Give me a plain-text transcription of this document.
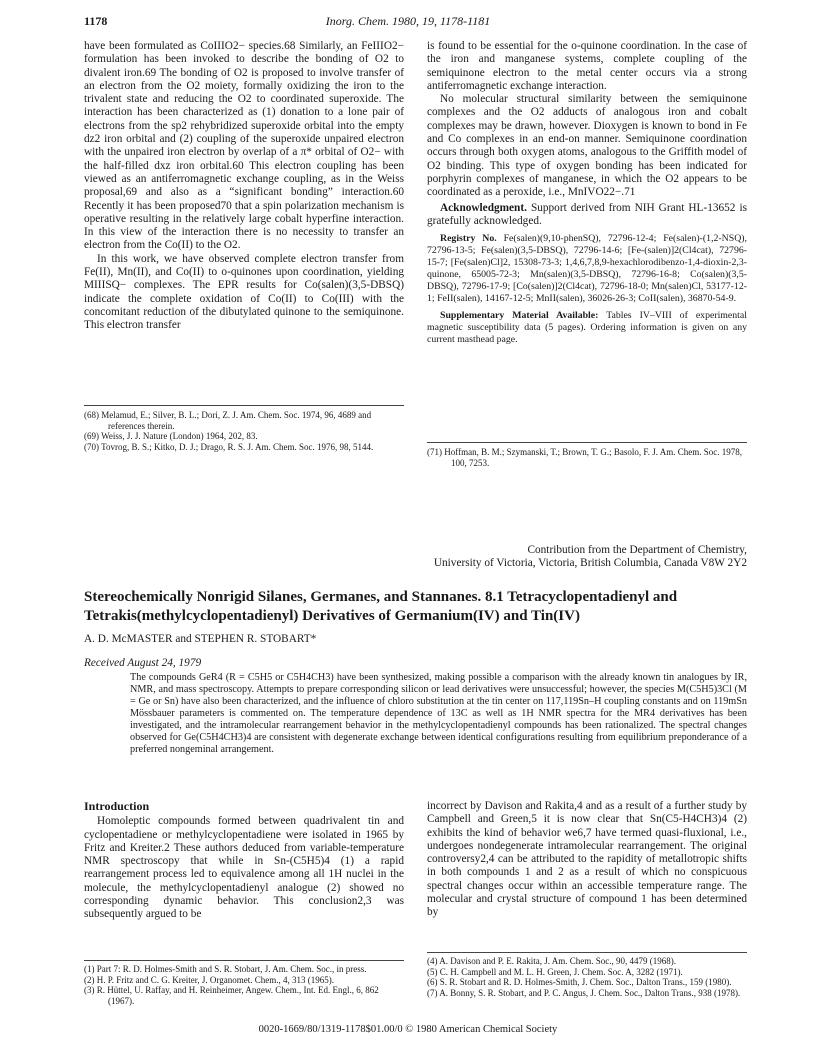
1178	Inorg. Chem. 1980, 19, 1178-1181

have been formulated as CoIIIO2− species.68 Similarly, an FeIIIO2− formulation has been invoked to describe the bonding of O2 to divalent iron.69 The bonding of O2 is proposed to involve transfer of an electron from the O2 moiety, formally oxidizing the iron to the trivalent state and reducing the O2 to coordinated superoxide. The interaction has been characterized as (1) donation to a lone pair of electrons from the sp2 rehybridized superoxide orbital into the empty dz2 iron orbital and (2) coupling of the superoxide unpaired electron with the unpaired iron electron by overlap of a π* orbital of O2− with the half-filled dxz iron orbital.60 This electron coupling has been viewed as an antiferromagnetic exchange coupling, as in the Weiss proposal,69 and also as a “significant bonding” interaction.60 Recently it has been proposed70 that a spin polarization mechanism is operative resulting in the relatively large cobalt hyperfine interaction. In this view of the interaction there is no necessity to transfer an electron from the Co(II) to the O2.

In this work, we have observed complete electron transfer from Fe(II), Mn(II), and Co(II) to o-quinones upon coordination, yielding MIIISQ− complexes. The EPR results for Co(salen)(3,5-DBSQ) indicate the complete oxidation of Co(II) to Co(III) with the concomitant reduction of the dibutylated quinone to the semiquinone. This electron transfer

(68) Melamud, E.; Silver, B. L.; Dori, Z. J. Am. Chem. Soc. 1974, 96, 4689 and references therein.
(69) Weiss, J. J. Nature (London) 1964, 202, 83.
(70) Tovrog, B. S.; Kitko, D. J.; Drago, R. S. J. Am. Chem. Soc. 1976, 98, 5144.

is found to be essential for the o-quinone coordination. In the case of the iron and manganese systems, complete coupling of the semiquinone electron to the metal center occurs via a strong antiferromagnetic exchange interaction.

No molecular structural similarity between the semiquinone complexes and the O2 adducts of analogous iron and cobalt complexes may be drawn, however. Dioxygen is known to bond in Fe and Co complexes in an end-on manner. Semiquinone coordination occurs through both oxygen atoms, analogous to the Griffith model of O2 binding. This type of oxygen bonding has been indicated for porphyrin complexes of manganese, in which the O2 appears to be coordinated as a peroxide, i.e., MnIVO22−.71

Acknowledgment. Support derived from NIH Grant HL-13652 is gratefully acknowledged.

Registry No. Fe(salen)(9,10-phenSQ), 72796-12-4; Fe(salen)-(1,2-NSQ), 72796-13-5; Fe(salen)(3,5-DBSQ), 72796-14-6; [Fe-(salen)]2(Cl4cat), 72796-15-7; [Fe(salen)Cl]2, 15308-73-3; 1,4,6,7,8,9-hexachlorodibenzo-1,4-dioxin-2,3-quinone, 65005-72-3; Mn(salen)(3,5-DBSQ), 72796-16-8; Co(salen)(3,5-DBSQ), 72796-17-9; [Co(salen)]2(Cl4cat), 72796-18-0; Mn(salen)Cl, 53177-12-1; FeII(salen), 14167-12-5; MnII(salen), 36026-26-3; CoII(salen), 36870-54-9.

Supplementary Material Available: Tables IV–VIII of experimental magnetic susceptibility data (5 pages). Ordering information is given on any current masthead page.

(71) Hoffman, B. M.; Szymanski, T.; Brown, T. G.; Basolo, F. J. Am. Chem. Soc. 1978, 100, 7253.
Contribution from the Department of Chemistry,
University of Victoria, Victoria, British Columbia, Canada V8W 2Y2
Stereochemically Nonrigid Silanes, Germanes, and Stannanes. 8.1 Tetracyclopentadienyl and Tetrakis(methylcyclopentadienyl) Derivatives of Germanium(IV) and Tin(IV)
A. D. McMASTER and STEPHEN R. STOBART*
Received August 24, 1979
The compounds GeR4 (R = C5H5 or C5H4CH3) have been synthesized, making possible a comparison with the already known tin analogues by IR, NMR, and mass spectroscopy. Attempts to prepare corresponding silicon or lead derivatives were unsuccessful; however, the species M(C5H5)3Cl (M = Ge or Sn) have also been characterized, and the influence of chloro substitution at the tin center on 117,119Sn–H coupling constants and on 119mSn Mössbauer parameters is commented on. The temperature dependence of 13C as well as 1H NMR spectra for the MR4 derivatives has been investigated, and the intramolecular rearrangement behavior in the methylcyclopentadienyl compounds has been rationalized. The spectral changes observed for Ge(C5H4CH3)4 are consistent with degenerate exchange between identical configurations resulting from equilibrium preponderance of a preferred nongeminal arrangement.
Introduction

Homoleptic compounds formed between quadrivalent tin and cyclopentadiene or methylcyclopentadiene were isolated in 1965 by Fritz and Kreiter.2 These authors deduced from variable-temperature NMR spectroscopy that while in Sn-(C5H5)4 (1) a rapid rearrangement process led to equivalence among all 1H nuclei in the molecule, the methylcyclopentadienyl analogue (2) showed no corresponding dynamic behavior. This conclusion2,3 was subsequently argued to be

incorrect by Davison and Rakita,4 and as a result of a further study by Campbell and Green,5 it is now clear that Sn(C5-H4CH3)4 (2) exhibits the kind of behavior we6,7 have termed quasi-fluxional, i.e., undergoes nondegenerate intramolecular rearrangement. The original controversy2,4 can be attributed to the rapidity of metallotropic shifts in both compounds 1 and 2 as a result of which no conspicuous spectral changes occur within an accessible temperature range. The molecular and crystal structure of compound 1 has been determined by

(1) Part 7: R. D. Holmes-Smith and S. R. Stobart, J. Am. Chem. Soc., in press.
(2) H. P. Fritz and C. G. Kreiter, J. Organomet. Chem., 4, 313 (1965).
(3) R. Hüttel, U. Raffay, and H. Reinheimer, Angew. Chem., Int. Ed. Engl., 6, 862 (1967).
(4) A. Davison and P. E. Rakita, J. Am. Chem. Soc., 90, 4479 (1968).
(5) C. H. Campbell and M. L. H. Green, J. Chem. Soc. A, 3282 (1971).
(6) S. R. Stobart and R. D. Holmes-Smith, J. Chem. Soc., Dalton Trans., 159 (1980).
(7) A. Bonny, S. R. Stobart, and P. C. Angus, J. Chem. Soc., Dalton Trans., 938 (1978).
0020-1669/80/1319-1178$01.00/0 © 1980 American Chemical Society
